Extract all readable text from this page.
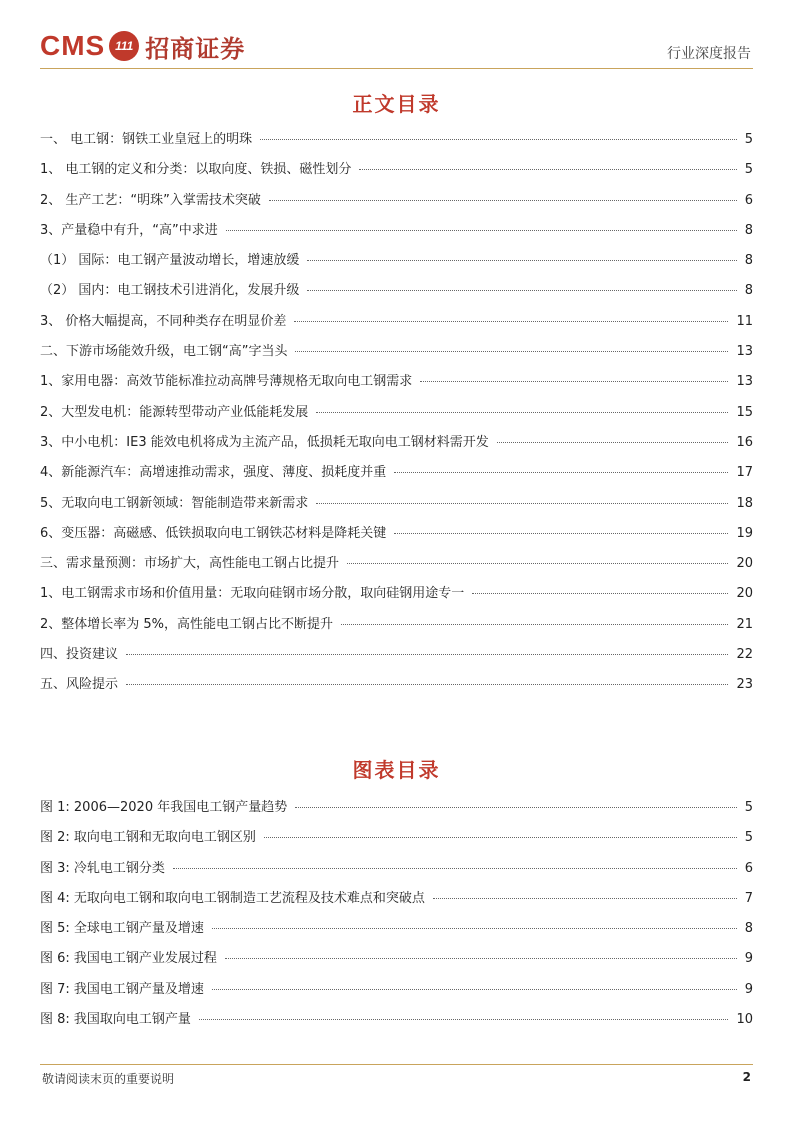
CMS 111 招商证券	行业深度报告
正文目录
一、 电工钢：钢铁工业皇冠上的明珠	5
1、 电工钢的定义和分类：以取向度、铁损、磁性划分	5
2、 生产工艺：“明珠”入掌需技术突破	6
3、产量稳中有升，“高”中求进	8
（1） 国际：电工钢产量波动增长，增速放缓	8
（2） 国内：电工钢技术引进消化，发展升级	8
3、 价格大幅提高，不同种类存在明显价差	11
二、下游市场能效升级，电工钢“高”字当头	13
1、家用电器：高效节能标准拉动高牌号薄规格无取向电工钢需求	13
2、大型发电机：能源转型带动产业低能耗发展	15
3、中小电机：IE3 能效电机将成为主流产品，低损耗无取向电工钢材料需开发	16
4、新能源汽车：高增速推动需求，强度、薄度、损耗度并重	17
5、无取向电工钢新领域：智能制造带来新需求	18
6、变压器：高磁感、低铁损取向电工钢铁芯材料是降耗关键	19
三、需求量预测：市场扩大，高性能电工钢占比提升	20
1、电工钢需求市场和价值用量：无取向硅钢市场分散，取向硅钢用途专一	20
2、整体增长率为 5%，高性能电工钢占比不断提升	21
四、投资建议	22
五、风险提示	23
图表目录
图 1: 2006—2020 年我国电工钢产量趋势	5
图 2: 取向电工钢和无取向电工钢区别	5
图 3: 冷轧电工钢分类	6
图 4: 无取向电工钢和取向电工钢制造工艺流程及技术难点和突破点	7
图 5: 全球电工钢产量及增速	8
图 6: 我国电工钢产业发展过程	9
图 7: 我国电工钢产量及增速	9
图 8: 我国取向电工钢产量	10
敬请阅读末页的重要说明	2
